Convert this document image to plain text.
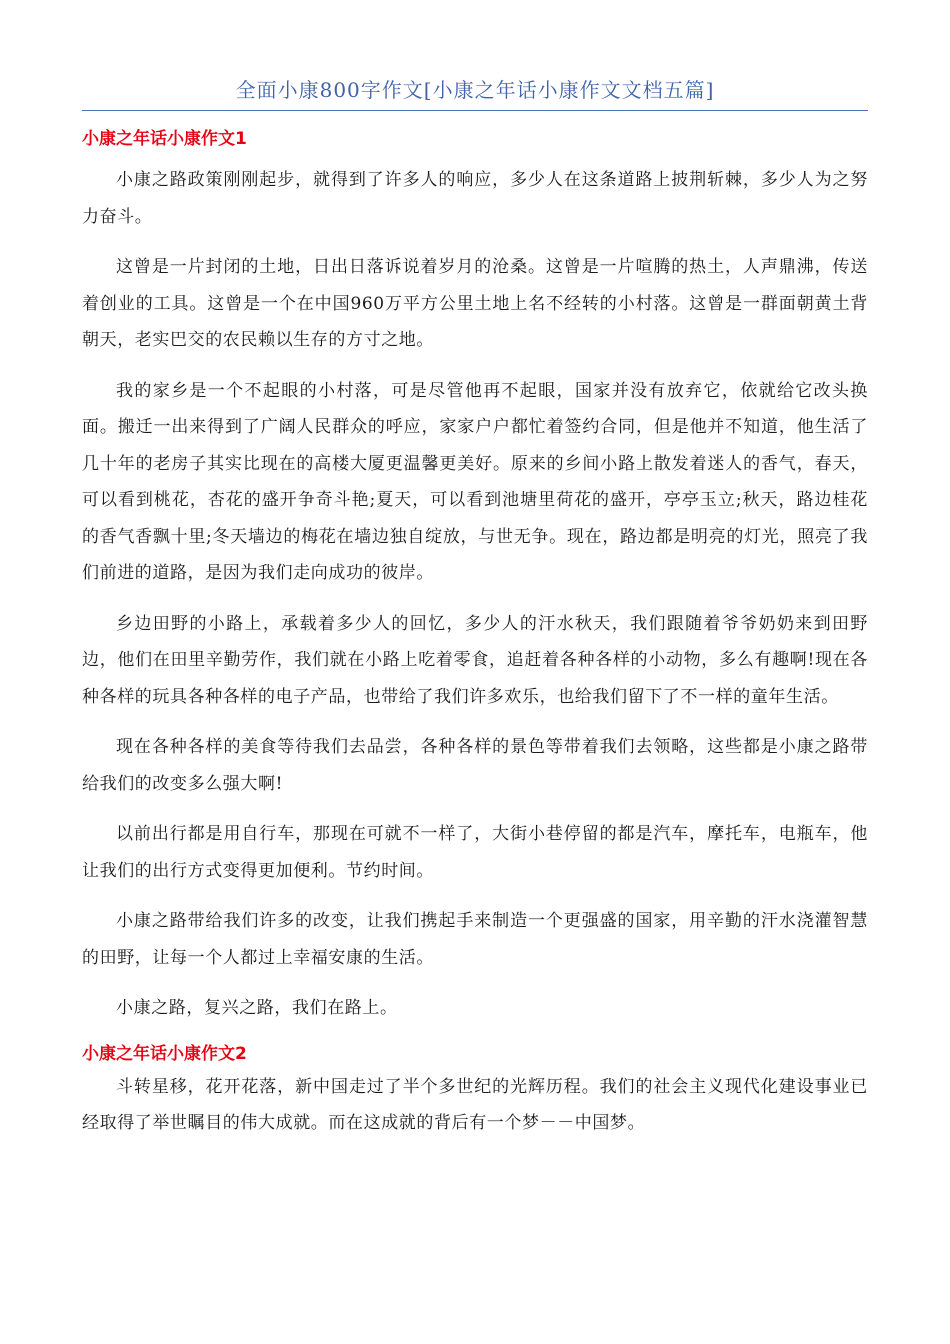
全面小康800字作文[小康之年话小康作文文档五篇]
小康之年话小康作文1

小康之路政策刚刚起步，就得到了许多人的响应，多少人在这条道路上披荆斩棘，多少人为之努力奋斗。

这曾是一片封闭的土地，日出日落诉说着岁月的沧桑。这曾是一片喧腾的热土，人声鼎沸，传送着创业的工具。这曾是一个在中国960万平方公里土地上名不经转的小村落。这曾是一群面朝黄土背朝天，老实巴交的农民赖以生存的方寸之地。

我的家乡是一个不起眼的小村落，可是尽管他再不起眼，国家并没有放弃它，依就给它改头换面。搬迁一出来得到了广阔人民群众的呼应，家家户户都忙着签约合同，但是他并不知道，他生活了几十年的老房子其实比现在的高楼大厦更温馨更美好。原来的乡间小路上散发着迷人的香气，春天，可以看到桃花，杏花的盛开争奇斗艳;夏天，可以看到池塘里荷花的盛开，亭亭玉立;秋天，路边桂花的香气香飘十里;冬天墙边的梅花在墙边独自绽放，与世无争。现在，路边都是明亮的灯光，照亮了我们前进的道路，是因为我们走向成功的彼岸。

乡边田野的小路上，承载着多少人的回忆，多少人的汗水秋天，我们跟随着爷爷奶奶来到田野边，他们在田里辛勤劳作，我们就在小路上吃着零食，追赶着各种各样的小动物，多么有趣啊!现在各种各样的玩具各种各样的电子产品，也带给了我们许多欢乐，也给我们留下了不一样的童年生活。

现在各种各样的美食等待我们去品尝，各种各样的景色等带着我们去领略，这些都是小康之路带给我们的改变多么强大啊!

以前出行都是用自行车，那现在可就不一样了，大街小巷停留的都是汽车，摩托车，电瓶车，他让我们的出行方式变得更加便利。节约时间。

小康之路带给我们许多的改变，让我们携起手来制造一个更强盛的国家，用辛勤的汗水浇灌智慧的田野，让每一个人都过上幸福安康的生活。

小康之路，复兴之路，我们在路上。

小康之年话小康作文2

斗转星移，花开花落，新中国走过了半个多世纪的光辉历程。我们的社会主义现代化建设事业已经取得了举世瞩目的伟大成就。而在这成就的背后有一个梦－－中国梦。
